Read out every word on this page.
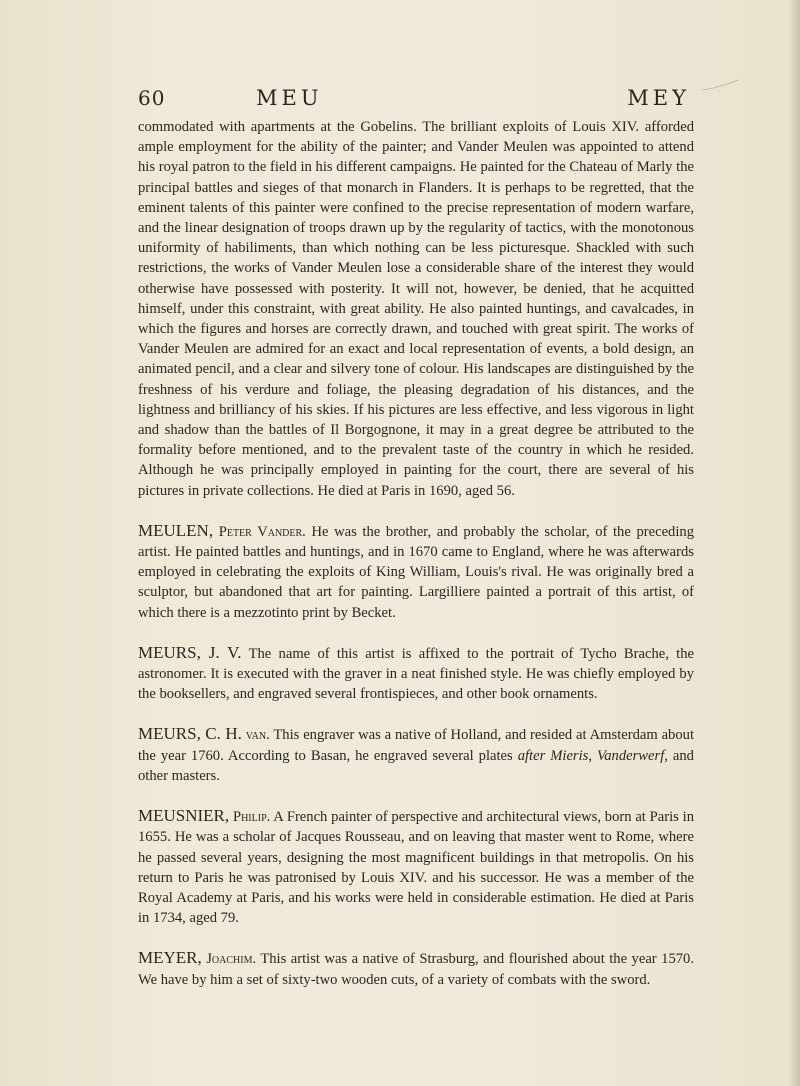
60	MEU	MEY

commodated with apartments at the Gobelins. The brilliant exploits of Louis XIV. afforded ample employment for the ability of the painter; and Vander Meulen was appointed to attend his royal patron to the field in his different campaigns. He painted for the Chateau of Marly the principal battles and sieges of that monarch in Flanders. It is perhaps to be regretted, that the eminent talents of this painter were confined to the precise representation of modern warfare, and the linear designation of troops drawn up by the regularity of tactics, with the monotonous uniformity of habiliments, than which nothing can be less picturesque. Shackled with such restrictions, the works of Vander Meulen lose a considerable share of the interest they would otherwise have possessed with posterity. It will not, however, be denied, that he acquitted himself, under this constraint, with great ability. He also painted huntings, and cavalcades, in which the figures and horses are correctly drawn, and touched with great spirit. The works of Vander Meulen are admired for an exact and local representation of events, a bold design, an animated pencil, and a clear and silvery tone of colour. His landscapes are distinguished by the freshness of his verdure and foliage, the pleasing degradation of his distances, and the lightness and brilliancy of his skies. If his pictures are less effective, and less vigorous in light and shadow than the battles of Il Borgognone, it may in a great degree be attributed to the formality before mentioned, and to the prevalent taste of the country in which he resided. Although he was principally employed in painting for the court, there are several of his pictures in private collections. He died at Paris in 1690, aged 56.

MEULEN, Peter Vander. He was the brother, and probably the scholar, of the preceding artist. He painted battles and huntings, and in 1670 came to England, where he was afterwards employed in celebrating the exploits of King William, Louis's rival. He was originally bred a sculptor, but abandoned that art for painting. Largilliere painted a portrait of this artist, of which there is a mezzotinto print by Becket.

MEURS, J. V. The name of this artist is affixed to the portrait of Tycho Brache, the astronomer. It is executed with the graver in a neat finished style. He was chiefly employed by the booksellers, and engraved several frontispieces, and other book ornaments.

MEURS, C. H. van. This engraver was a native of Holland, and resided at Amsterdam about the year 1760. According to Basan, he engraved several plates after Mieris, Vanderwerf, and other masters.

MEUSNIER, Philip. A French painter of perspective and architectural views, born at Paris in 1655. He was a scholar of Jacques Rousseau, and on leaving that master went to Rome, where he passed several years, designing the most magnificent buildings in that metropolis. On his return to Paris he was patronised by Louis XIV. and his successor. He was a member of the Royal Academy at Paris, and his works were held in considerable estimation. He died at Paris in 1734, aged 79.

MEYER, Joachim. This artist was a native of Strasburg, and flourished about the year 1570. We have by him a set of sixty-two wooden cuts, of a variety of combats with the sword.
